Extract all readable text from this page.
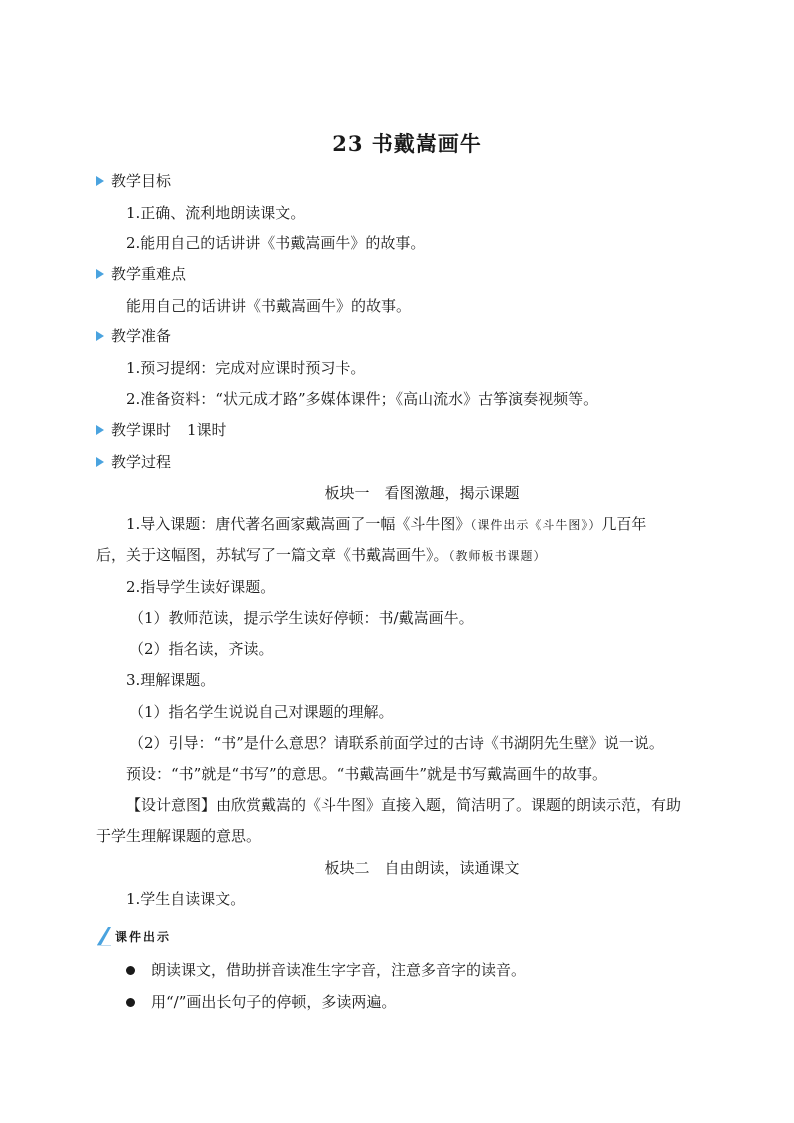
23 书戴嵩画牛
教学目标
1.正确、流利地朗读课文。
2.能用自己的话讲讲《书戴嵩画牛》的故事。
教学重难点
能用自己的话讲讲《书戴嵩画牛》的故事。
教学准备
1.预习提纲：完成对应课时预习卡。
2.准备资料：“状元成才路”多媒体课件；《高山流水》古筝演奏视频等。
教学课时 1课时
教学过程
板块一　看图激趣，揭示课题
1.导入课题：唐代著名画家戴嵩画了一幅《斗牛图》（课件出示《斗牛图》）几百年
后，关于这幅图，苏轼写了一篇文章《书戴嵩画牛》。（教师板书课题）
2.指导学生读好课题。
（1）教师范读，提示学生读好停顿：书/戴嵩画牛。
（2）指名读，齐读。
3.理解课题。
（1）指名学生说说自己对课题的理解。
（2）引导：“书”是什么意思？请联系前面学过的古诗《书湖阴先生壁》说一说。
预设：“书”就是“书写”的意思。“书戴嵩画牛”就是书写戴嵩画牛的故事。
【设计意图】由欣赏戴嵩的《斗牛图》直接入题，简洁明了。课题的朗读示范，有助
于学生理解课题的意思。
板块二　自由朗读，读通课文
1.学生自读课文。
课件出示
朗读课文，借助拼音读准生字字音，注意多音字的读音。
用“/”画出长句子的停顿，多读两遍。
